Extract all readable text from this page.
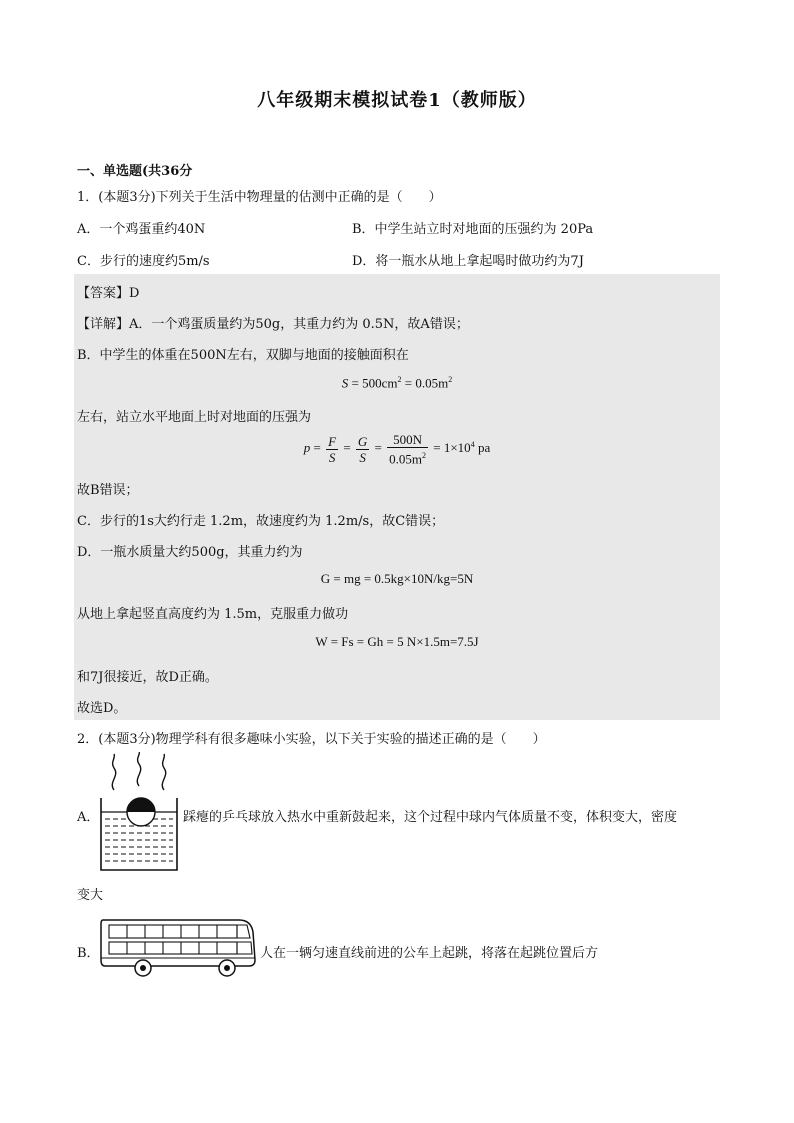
八年级期末模拟试卷1（教师版）
一、单选题(共36分
1．(本题3分)下列关于生活中物理量的估测中正确的是（　　）
A．一个鸡蛋重约40N	B．中学生站立时对地面的压强约为 20Pa
C．步行的速度约5m/s	D．将一瓶水从地上拿起喝时做功约为7J
【答案】D
【详解】A．一个鸡蛋质量约为50g，其重力约为 0.5N，故A错误；
B．中学生的体重在500N左右，双脚与地面的接触面积在
$S = 500cm^2 = 0.05m^2$
左右，站立水平地面上时对地面的压强为
$p = \frac{F}{S} = \frac{G}{S} = \frac{500N}{0.05m^2} = 1\times 10^4$ pa
故B错误；
C．步行的1s大约行走 1.2m，故速度约为 1.2m/s，故C错误；
D．一瓶水质量大约500g，其重力约为
G = mg = 0.5kg×10N/kg=5N
从地上拿起竖直高度约为 1.5m，克服重力做功
W = Fs = Gh = 5 N×1.5m=7.5J
和7J很接近，故D正确。
故选D。
2．(本题3分)物理学科有很多趣味小实验，以下关于实验的描述正确的是（　　）
A．	踩瘪的乒乓球放入热水中重新鼓起来，这个过程中球内气体质量不变，体积变大，密度
变大
B．	人在一辆匀速直线前进的公车上起跳，将落在起跳位置后方
